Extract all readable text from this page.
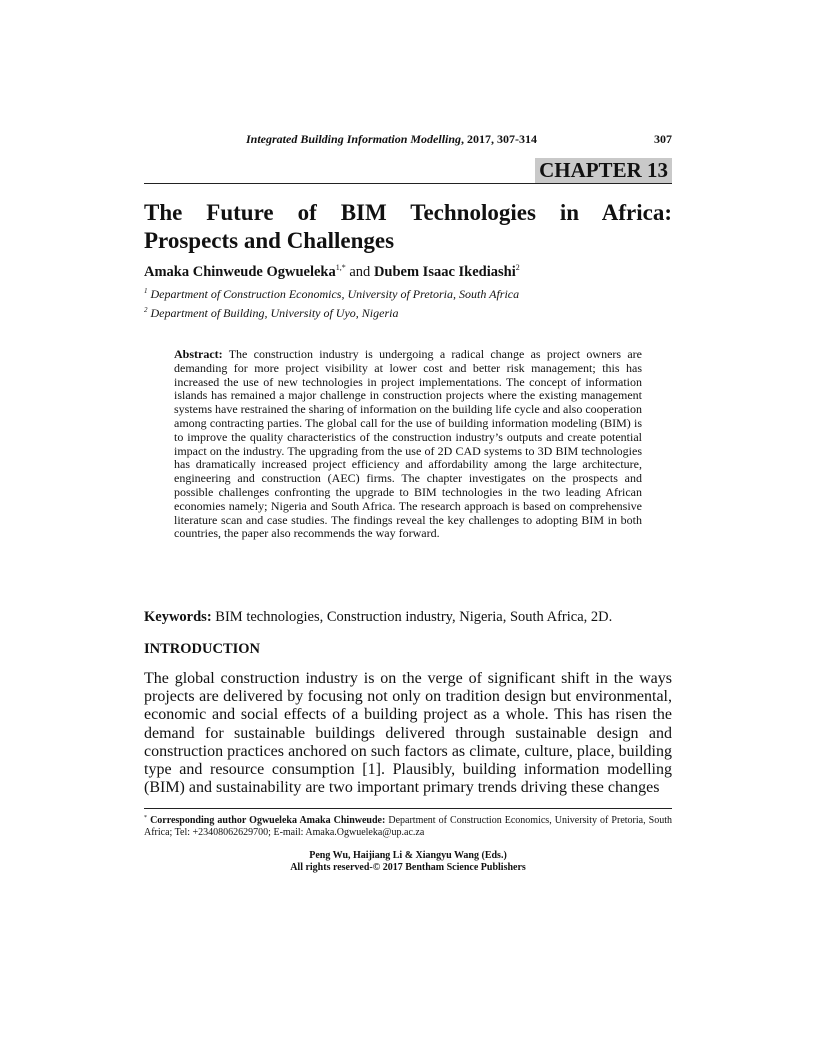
Integrated Building Information Modelling, 2017, 307-314	307
CHAPTER 13
The Future of BIM Technologies in Africa:
Prospects and Challenges
Amaka Chinweude Ogwueleka$^{1,*}$ and Dubem Isaac Ikediashi$^2$
$^1$ Department of Construction Economics, University of Pretoria, South Africa
$^2$ Department of Building, University of Uyo, Nigeria

Abstract: The construction industry is undergoing a radical change as project owners are demanding for more project visibility at lower cost and better risk management; this has increased the use of new technologies in project implementations. The concept of information islands has remained a major challenge in construction projects where the existing management systems have restrained the sharing of information on the building life cycle and also cooperation among contracting parties. The global call for the use of building information modeling (BIM) is to improve the quality characteristics of the construction industry’s outputs and create potential impact on the industry. The upgrading from the use of 2D CAD systems to 3D BIM technologies has dramatically increased project efficiency and affordability among the large architecture, engineering and construction (AEC) firms. The chapter investigates on the prospects and possible challenges confronting the upgrade to BIM technologies in the two leading African economies namely; Nigeria and South Africa. The research approach is based on comprehensive literature scan and case studies. The findings reveal the key challenges to adopting BIM in both countries, the paper also recommends the way forward.

Keywords: BIM technologies, Construction industry, Nigeria, South Africa, 2D.
INTRODUCTION

The global construction industry is on the verge of significant shift in the ways projects are delivered by focusing not only on tradition design but environmental, economic and social effects of a building project as a whole. This has risen the demand for sustainable buildings delivered through sustainable design and construction practices anchored on such factors as climate, culture, place, building type and resource consumption [1]. Plausibly, building information modelling (BIM) and sustainability are two important primary trends driving these changes

* Corresponding author Ogwueleka Amaka Chinweude: Department of Construction Economics, University of Pretoria, South Africa; Tel: +23408062629700; E-mail: Amaka.Ogwueleka@up.ac.za

Peng Wu, Haijiang Li & Xiangyu Wang (Eds.)
All rights reserved-© 2017 Bentham Science Publishers
